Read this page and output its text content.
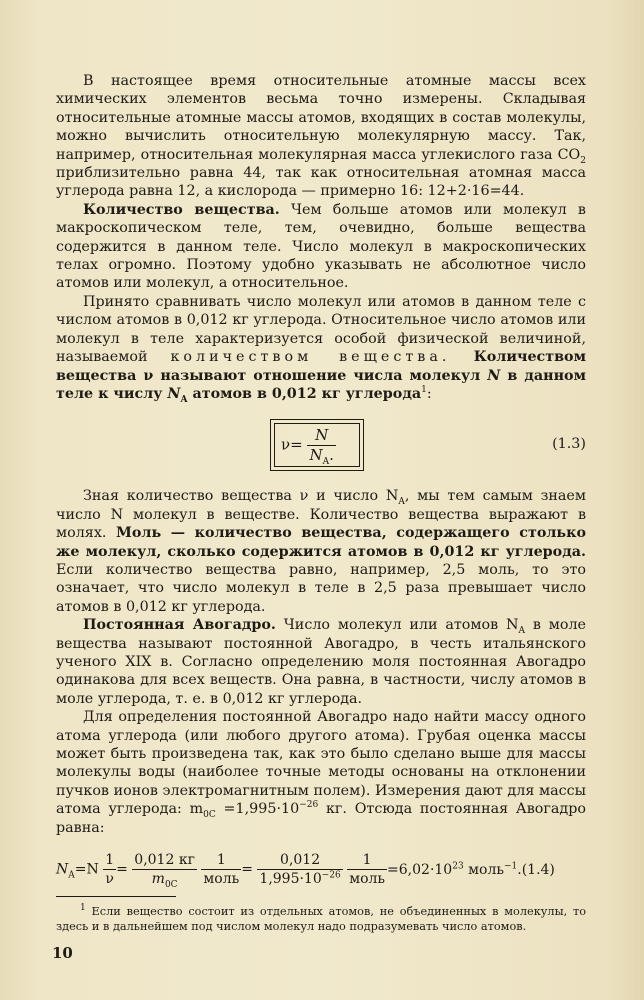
В настоящее время относительные атомные массы всех химических элементов весьма точно измерены. Складывая относительные атомные массы атомов, входящих в состав молекулы, можно вычислить относительную молекулярную массу. Так, например, относительная молекулярная масса углекислого газа $CO_2$ приблизительно равна 44, так как относительная атомная масса углерода равна 12, а кислорода — примерно 16: 12+2·16=44.

Количество вещества. Чем больше атомов или молекул в макроскопическом теле, тем, очевидно, больше вещества содержится в данном теле. Число молекул в макроскопических телах огромно. Поэтому удобно указывать не абсолютное число атомов или молекул, а относительное.

Принято сравнивать число молекул или атомов в данном теле с числом атомов в 0,012 кг углерода. Относительное число атомов или молекул в теле характеризуется особой физической величиной, называемой количеством вещества. Количеством вещества ν называют отношение числа молекул N в данном теле к числу $N_A$ атомов в 0,012 кг углерода$^1$:

$\nu= \frac{N}{N_A.}$	(1.3)

Зная количество вещества ν и число $N_A$, мы тем самым знаем число N молекул в веществе. Количество вещества выражают в молях. Моль — количество вещества, содержащего столько же молекул, сколько содержится атомов в 0,012 кг углерода. Если количество вещества равно, например, 2,5 моль, то это означает, что число молекул в теле в 2,5 раза превышает число атомов в 0,012 кг углерода.

Постоянная Авогадро. Число молекул или атомов $N_A$ в моле вещества называют постоянной Авогадро, в честь итальянского ученого XIX в. Согласно определению моля постоянная Авогадро одинакова для всех веществ. Она равна, в частности, числу атомов в моле углерода, т. е. в 0,012 кг углерода.

Для определения постоянной Авогадро надо найти массу одного атома углерода (или любого другого атома). Грубая оценка массы может быть произведена так, как это было сделано выше для массы молекулы воды (наиболее точные методы основаны на отклонении пучков ионов электромагнитным полем). Измерения дают для массы атома углерода: $m_{0C} =1,995\cdot 10^{-26}$ кг. Отсюда постоянная Авогадро равна:

$N_A=N \frac{1}{\nu} = \frac{0,012 кг}{m_{0C}}$
$\frac{1}{\text{моль}} = \frac{0,012}{1,995\cdot 10^{-26}}$
$\frac{1}{\text{моль}} =6,02\cdot 10^{23}$ моль$^{-1}$.(1.4)

$^1$ Если вещество состоит из отдельных атомов, не объединенных в молекулы, то здесь и в дальнейшем под числом молекул надо подразумевать число атомов.

10
